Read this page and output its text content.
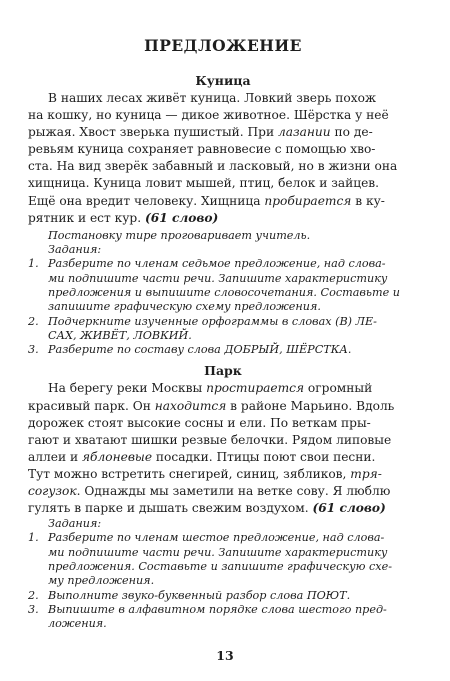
ПРЕДЛОЖЕНИЕ
Куница
В наших лесах живёт куница. Ловкий зверь похож
на кошку, но куница — дикое животное. Шёрстка у неё
рыжая. Хвост зверька пушистый. При лазании по де-
ревьям куница сохраняет равновесие с помощью хво-
ста. На вид зверёк забавный и ласковый, но в жизни она
хищница. Куница ловит мышей, птиц, белок и зайцев.
Ещё она вредит человеку. Хищница пробирается в ку-
рятник и ест кур. (61 слово)
Постановку тире проговаривает учитель.
Задания:
1. Разберите по членам седьмое предложение, над слова-
ми подпишите части речи. Запишите характеристику
предложения и выпишите словосочетания. Составьте и
запишите графическую схему предложения.
2. Подчеркните изученные орфограммы в словах (В) ЛЕ-
САХ, ЖИВЁТ, ЛОВКИЙ.
3. Разберите по составу слова ДОБРЫЙ, ШЁРСТКА.
Парк
На берегу реки Москвы простирается огромный
красивый парк. Он находится в районе Марьино. Вдоль
дорожек стоят высокие сосны и ели. По веткам пры-
гают и хватают шишки резвые белочки. Рядом липовые
аллеи и яблоневые посадки. Птицы поют свои песни.
Тут можно встретить снегирей, синиц, зябликов, тря-
согузок. Однажды мы заметили на ветке сову. Я люблю
гулять в парке и дышать свежим воздухом. (61 слово)
Задания:
1. Разберите по членам шестое предложение, над слова-
ми подпишите части речи. Запишите характеристику
предложения. Составьте и запишите графическую схе-
му предложения.
2. Выполните звуко-буквенный разбор слова ПОЮТ.
3. Выпишите в алфавитном порядке слова шестого пред-
ложения.
13
